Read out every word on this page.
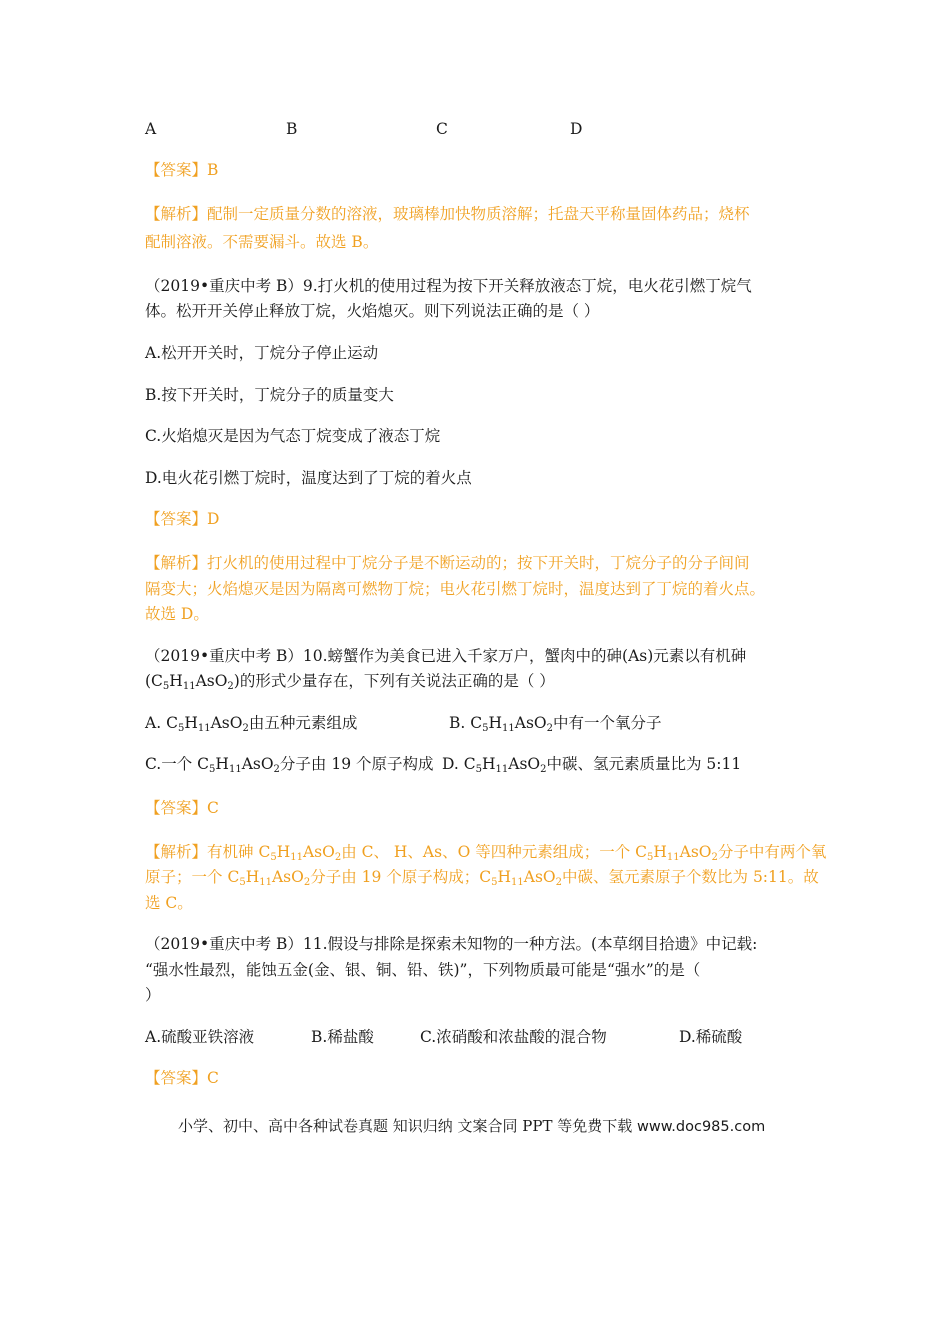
A	B	C	D
【答案】B
【解析】配制一定质量分数的溶液，玻璃棒加快物质溶解；托盘天平称量固体药品；烧杯
配制溶液。不需要漏斗。故选 B。
（2019•重庆中考 B）9.打火机的使用过程为按下开关释放液态丁烷，电火花引燃丁烷气
体。松开开关停止释放丁烷，火焰熄灭。则下列说法正确的是（ ）
A.松开开关时，丁烷分子停止运动
B.按下开关时，丁烷分子的质量变大
C.火焰熄灭是因为气态丁烷变成了液态丁烷
D.电火花引燃丁烷时，温度达到了丁烷的着火点
【答案】D
【解析】打火机的使用过程中丁烷分子是不断运动的；按下开关时，丁烷分子的分子间间
隔变大；火焰熄灭是因为隔离可燃物丁烷；电火花引燃丁烷时，温度达到了丁烷的着火点。
故选 D。
（2019•重庆中考 B）10.螃蟹作为美食已进入千家万户，蟹肉中的砷(As)元素以有机砷
$(C_5H_{11}AsO_2)$的形式少量存在，下列有关说法正确的是（ ）
A. $C_5H_{11}AsO_2$由五种元素组成	B. $C_5H_{11}AsO_2$中有一个氧分子
C.一个 $C_5H_{11}AsO_2$分子由 19 个原子构成 D. $C_5H_{11}AsO_2$中碳、氢元素质量比为 5:11
【答案】C
【解析】有机砷 $C_5H_{11}AsO_2$由 C、 H、As、O 等四种元素组成；一个 $C_5H_{11}AsO_2$分子中有两个氧
原子；一个 $C_5H_{11}AsO_2$分子由 19 个原子构成；$C_5H_{11}AsO_2$中碳、氢元素原子个数比为 5:11。故
选 C。
（2019•重庆中考 B）11.假设与排除是探索未知物的一种方法。(本草纲目拾遗》中记载:
“强水性最烈，能蚀五金(金、银、铜、铅、铁)”，下列物质最可能是“强水”的是（
）
A.硫酸亚铁溶液	B.稀盐酸	C.浓硝酸和浓盐酸的混合物	D.稀硫酸
【答案】C
小学、初中、高中各种试卷真题 知识归纳 文案合同 PPT 等免费下载 www.doc985.com
